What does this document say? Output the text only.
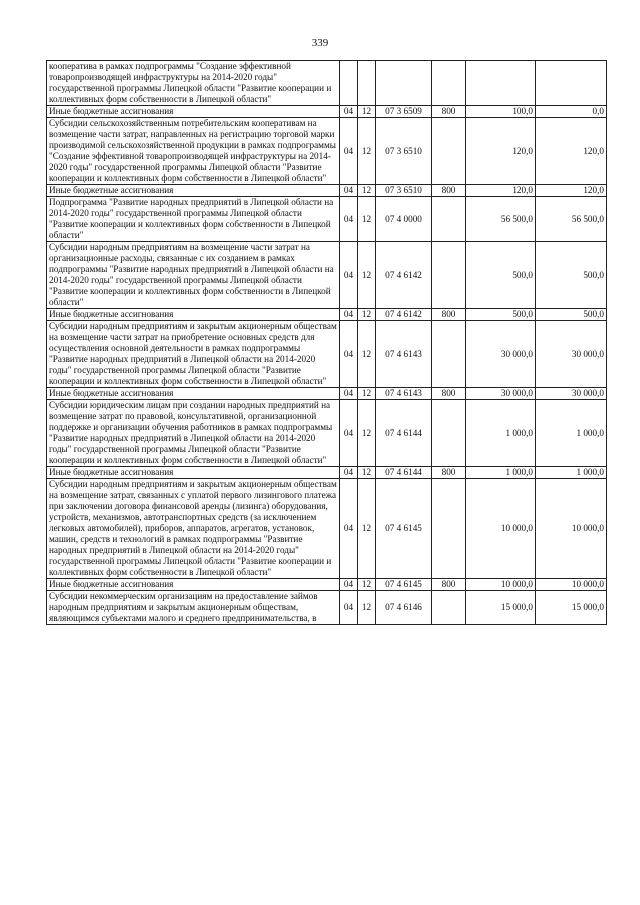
339
кооператива в рамках подпрограммы "Создание эффективной товаропроизводящей инфраструктуры на 2014-2020 годы" государственной программы Липецкой области "Развитие кооперации и коллективных форм собственности в Липецкой области"						
Иные бюджетные ассигнования	04	12	07 3 6509	800	100,0	0,0
Субсидии сельскохозяйственным потребительским кооперативам на возмещение части затрат, направленных на регистрацию торговой марки производимой сельскохозяйственной продукции в рамках подпрограммы "Создание эффективной товаропроизводящей инфраструктуры на 2014-2020 годы" государственной программы Липецкой области "Развитие кооперации и коллективных форм собственности в Липецкой области"	04	12	07 3 6510		120,0	120,0
Иные бюджетные ассигнования	04	12	07 3 6510	800	120,0	120,0
Подпрограмма "Развитие народных предприятий в Липецкой области на 2014-2020 годы" государственной программы Липецкой области "Развитие кооперации и коллективных форм собственности в Липецкой области"	04	12	07 4 0000		56 500,0	56 500,0
Субсидии народным предприятиям на возмещение части затрат на организационные расходы, связанные с их созданием в рамках подпрограммы "Развитие народных предприятий в Липецкой области на 2014-2020 годы" государственной программы Липецкой области "Развитие кооперации и коллективных форм собственности в Липецкой области"	04	12	07 4 6142		500,0	500,0
Иные бюджетные ассигнования	04	12	07 4 6142	800	500,0	500,0
Субсидии народным предприятиям и закрытым акционерным обществам на возмещение части затрат на приобретение основных средств для осуществления основной деятельности в рамках подпрограммы "Развитие народных предприятий в Липецкой области на 2014-2020 годы" государственной программы Липецкой области "Развитие кооперации и коллективных форм собственности в Липецкой области"	04	12	07 4 6143		30 000,0	30 000,0
Иные бюджетные ассигнования	04	12	07 4 6143	800	30 000,0	30 000,0
Субсидии юридическим лицам при создании народных предприятий на возмещение затрат по правовой, консультативной, организационной поддержке и организации обучения работников в рамках подпрограммы "Развитие народных предприятий в Липецкой области на 2014-2020 годы" государственной программы Липецкой области "Развитие кооперации и коллективных форм собственности в Липецкой области"	04	12	07 4 6144		1 000,0	1 000,0
Иные бюджетные ассигнования	04	12	07 4 6144	800	1 000,0	1 000,0
Субсидии народным предприятиям и закрытым акционерным обществам на возмещение затрат, связанных с уплатой первого лизингового платежа при заключении договора финансовой аренды (лизинга) оборудования, устройств, механизмов, автотранспортных средств (за исключением легковых автомобилей), приборов, аппаратов, агрегатов, установок, машин, средств и технологий в рамках подпрограммы "Развитие народных предприятий в Липецкой области на 2014-2020 годы" государственной программы Липецкой области "Развитие кооперации и коллективных форм собственности в Липецкой области"	04	12	07 4 6145		10 000,0	10 000,0
Иные бюджетные ассигнования	04	12	07 4 6145	800	10 000,0	10 000,0
Субсидии некоммерческим организациям на предоставление займов народным предприятиям и закрытым акционерным обществам, являющимся субъектами малого и среднего предпринимательства, в	04	12	07 4 6146		15 000,0	15 000,0
